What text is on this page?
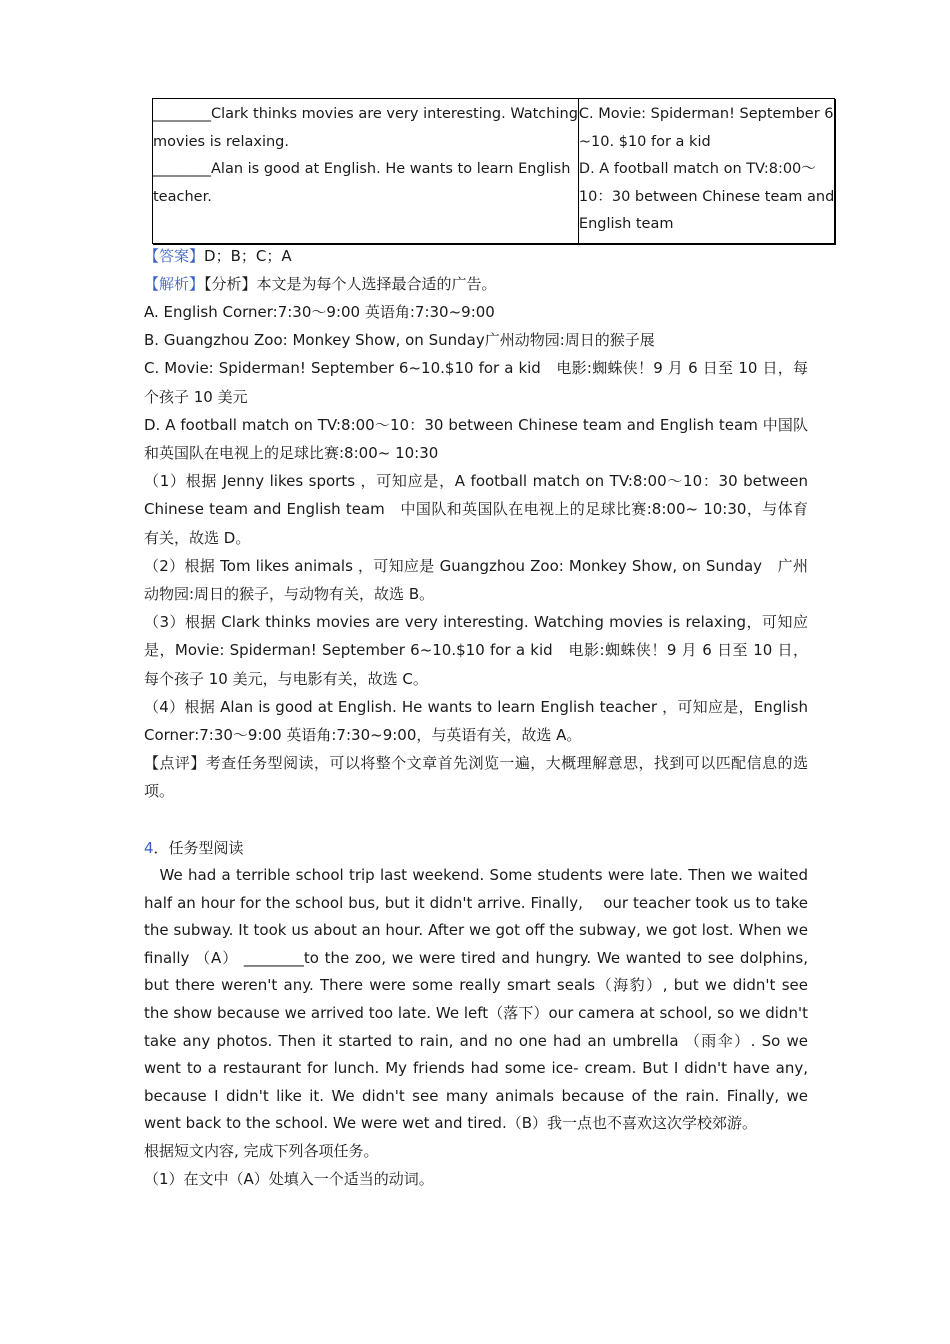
________Clark thinks movies are very interesting. Watching
movies is relaxing.
________Alan is good at English. He wants to learn English
teacher.

C. Movie: Spiderman! September 6
~10. $10 for a kid
D. A football match on TV:8:00～
10：30 between Chinese team and
English team
【答案】D；B；C；A
【解析】【分析】本文是为每个人选择最合适的广告。

A. English Corner:7:30～9:00 英语角:7:30~9:00

B. Guangzhou Zoo: Monkey Show, on Sunday广州动物园:周日的猴子展

C. Movie: Spiderman! September 6~10.$10 for a kid　电影:蜘蛛侠！9 月 6 日至 10 日，每个孩子 10 美元

D. A football match on TV:8:00～10：30 between Chinese team and English team 中国队和英国队在电视上的足球比赛:8:00~ 10:30

（1）根据 Jenny likes sports ，可知应是，A football match on TV:8:00～10：30 between Chinese team and English team　中国队和英国队在电视上的足球比赛:8:00~ 10:30，与体育有关，故选 D。

（2）根据 Tom likes animals ，可知应是 Guangzhou Zoo: Monkey Show, on Sunday　广州动物园:周日的猴子，与动物有关，故选 B。

（3）根据 Clark thinks movies are very interesting. Watching movies is relaxing，可知应是，Movie: Spiderman! September 6~10.$10 for a kid　电影:蜘蛛侠！9 月 6 日至 10 日，每个孩子 10 美元，与电影有关，故选 C。

（4）根据 Alan is good at English. He wants to learn English teacher ，可知应是，English Corner:7:30～9:00 英语角:7:30~9:00，与英语有关，故选 A。

【点评】考查任务型阅读，可以将整个文章首先浏览一遍，大概理解意思，找到可以匹配信息的选项。

4．任务型阅读

　We had a terrible school trip last weekend. Some students were late. Then we waited half an hour for the school bus, but it didn't arrive. Finally,　 our teacher took us to take the subway. It took us about an hour. After we got off the subway, we got lost. When we finally （A） ________to the zoo, we were tired and hungry. We wanted to see dolphins, but there weren't any. There were some really smart seals（海豹）, but we didn't see the show because we arrived too late. We left（落下）our camera at school, so we didn't take any photos. Then it started to rain, and no one had an umbrella （雨伞）. So we went to a restaurant for lunch. My friends had some ice- cream. But I didn't have any, because I didn't like it. We didn't see many animals because of the rain. Finally, we went back to the school. We were wet and tired.（B）我一点也不喜欢这次学校郊游。

根据短文内容, 完成下列各项任务。

（1）在文中（A）处填入一个适当的动词。
